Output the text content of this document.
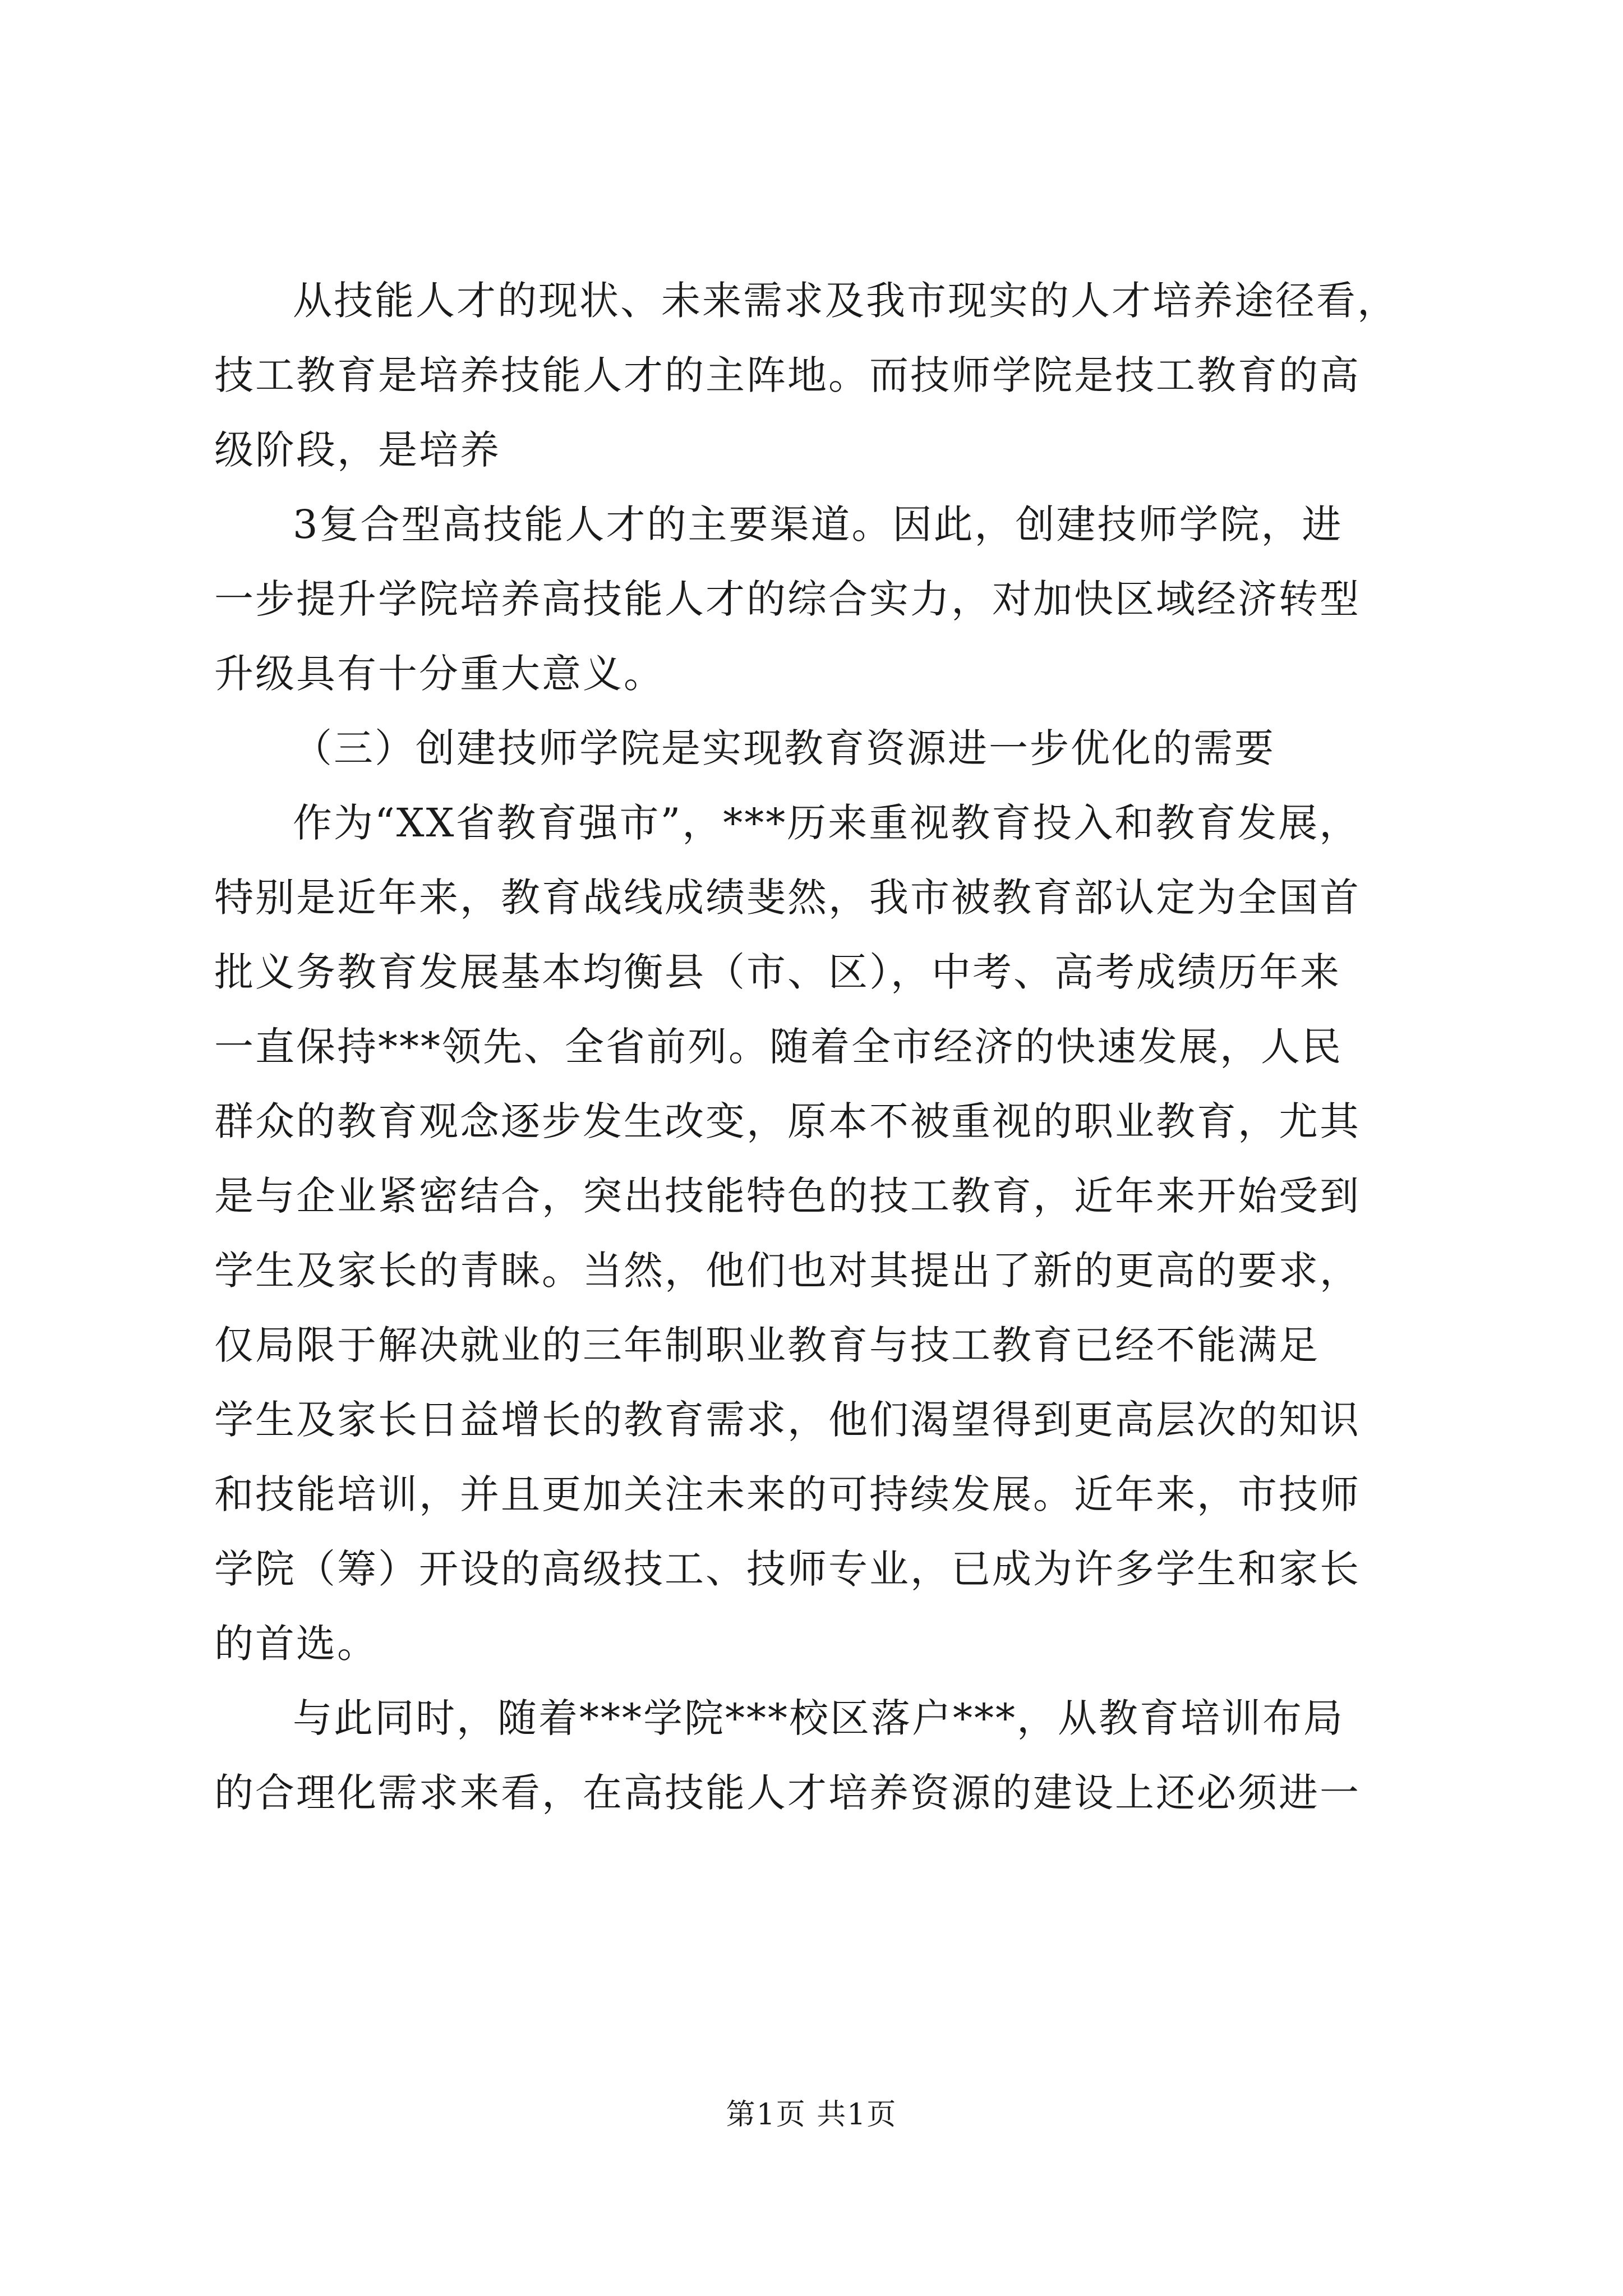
从技能人才的现状、未来需求及我市现实的人才培养途径看，
技工教育是培养技能人才的主阵地。而技师学院是技工教育的高
级阶段，是培养
3复合型高技能人才的主要渠道。因此，创建技师学院，进
一步提升学院培养高技能人才的综合实力，对加快区域经济转型
升级具有十分重大意义。
（三）创建技师学院是实现教育资源进一步优化的需要
作为“XX省教育强市”，***历来重视教育投入和教育发展，
特别是近年来，教育战线成绩斐然，我市被教育部认定为全国首
批义务教育发展基本均衡县（市、区），中考、高考成绩历年来
一直保持***领先、全省前列。随着全市经济的快速发展，人民
群众的教育观念逐步发生改变，原本不被重视的职业教育，尤其
是与企业紧密结合，突出技能特色的技工教育，近年来开始受到
学生及家长的青睐。当然，他们也对其提出了新的更高的要求，
仅局限于解决就业的三年制职业教育与技工教育已经不能满足
学生及家长日益增长的教育需求，他们渴望得到更高层次的知识
和技能培训，并且更加关注未来的可持续发展。近年来，市技师
学院（筹）开设的高级技工、技师专业，已成为许多学生和家长
的首选。
与此同时，随着***学院***校区落户***，从教育培训布局
的合理化需求来看，在高技能人才培养资源的建设上还必须进一
第1页 共1页
